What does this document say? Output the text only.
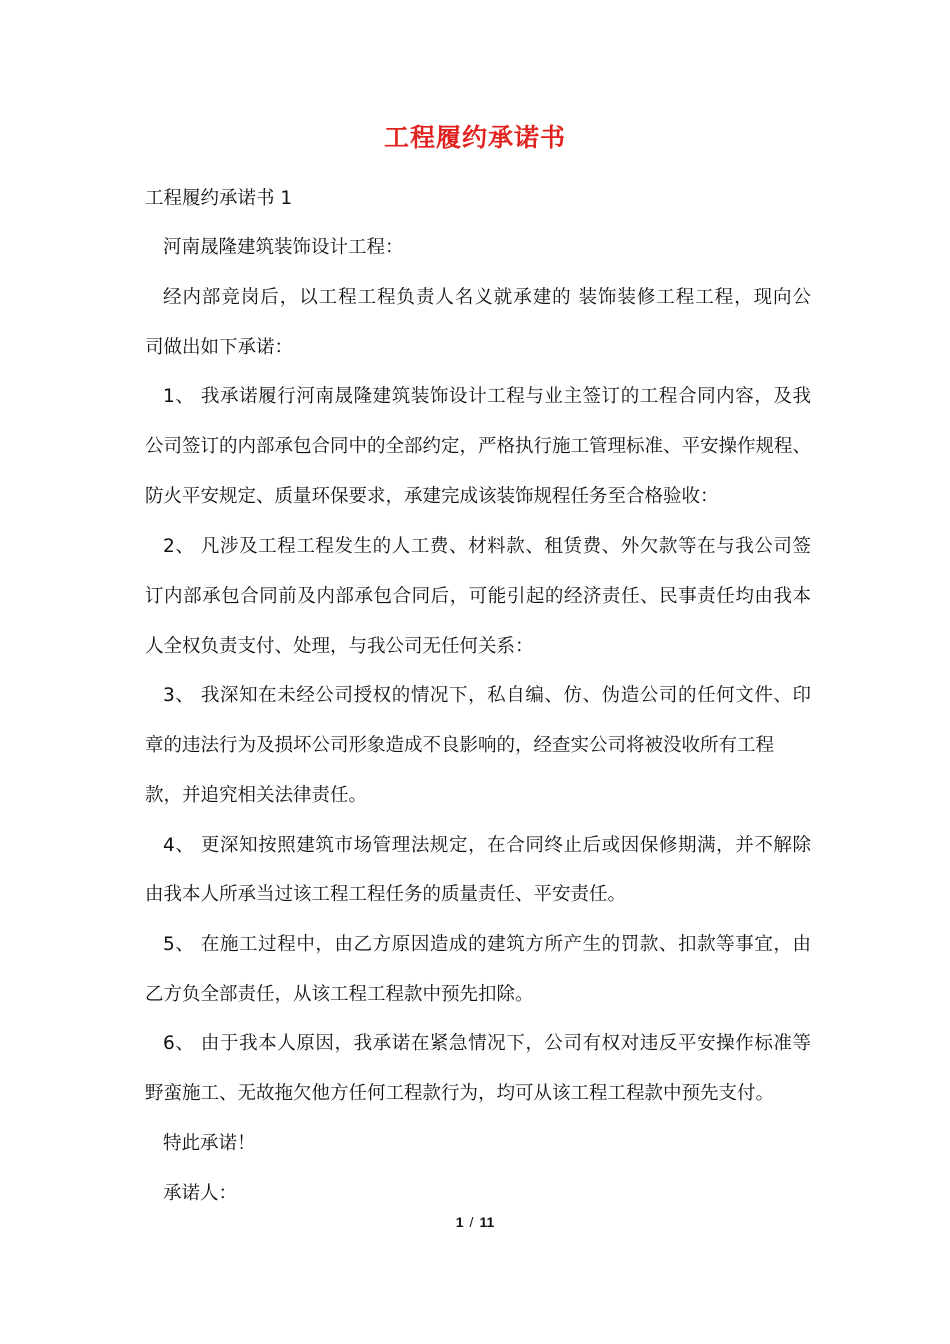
工程履约承诺书
工程履约承诺书 1
河南晟隆建筑装饰设计工程：
经内部竞岗后，以工程工程负责人名义就承建的 装饰装修工程工程，现向公
司做出如下承诺：
1、 我承诺履行河南晟隆建筑装饰设计工程与业主签订的工程合同内容，及我
公司签订的内部承包合同中的全部约定，严格执行施工管理标准、平安操作规程、
防火平安规定、质量环保要求，承建完成该装饰规程任务至合格验收：
2、 凡涉及工程工程发生的人工费、材料款、租赁费、外欠款等在与我公司签
订内部承包合同前及内部承包合同后，可能引起的经济责任、民事责任均由我本
人全权负责支付、处理，与我公司无任何关系：
3、 我深知在未经公司授权的情况下，私自编、仿、伪造公司的任何文件、印
章的违法行为及损坏公司形象造成不良影响的，经查实公司将被没收所有工程
款，并追究相关法律责任。
4、 更深知按照建筑市场管理法规定，在合同终止后或因保修期满，并不解除
由我本人所承当过该工程工程任务的质量责任、平安责任。
5、 在施工过程中，由乙方原因造成的建筑方所产生的罚款、扣款等事宜，由
乙方负全部责任，从该工程工程款中预先扣除。
6、 由于我本人原因，我承诺在紧急情况下，公司有权对违反平安操作标准等
野蛮施工、无故拖欠他方任何工程款行为，均可从该工程工程款中预先支付。
特此承诺！
承诺人：
1 / 11
